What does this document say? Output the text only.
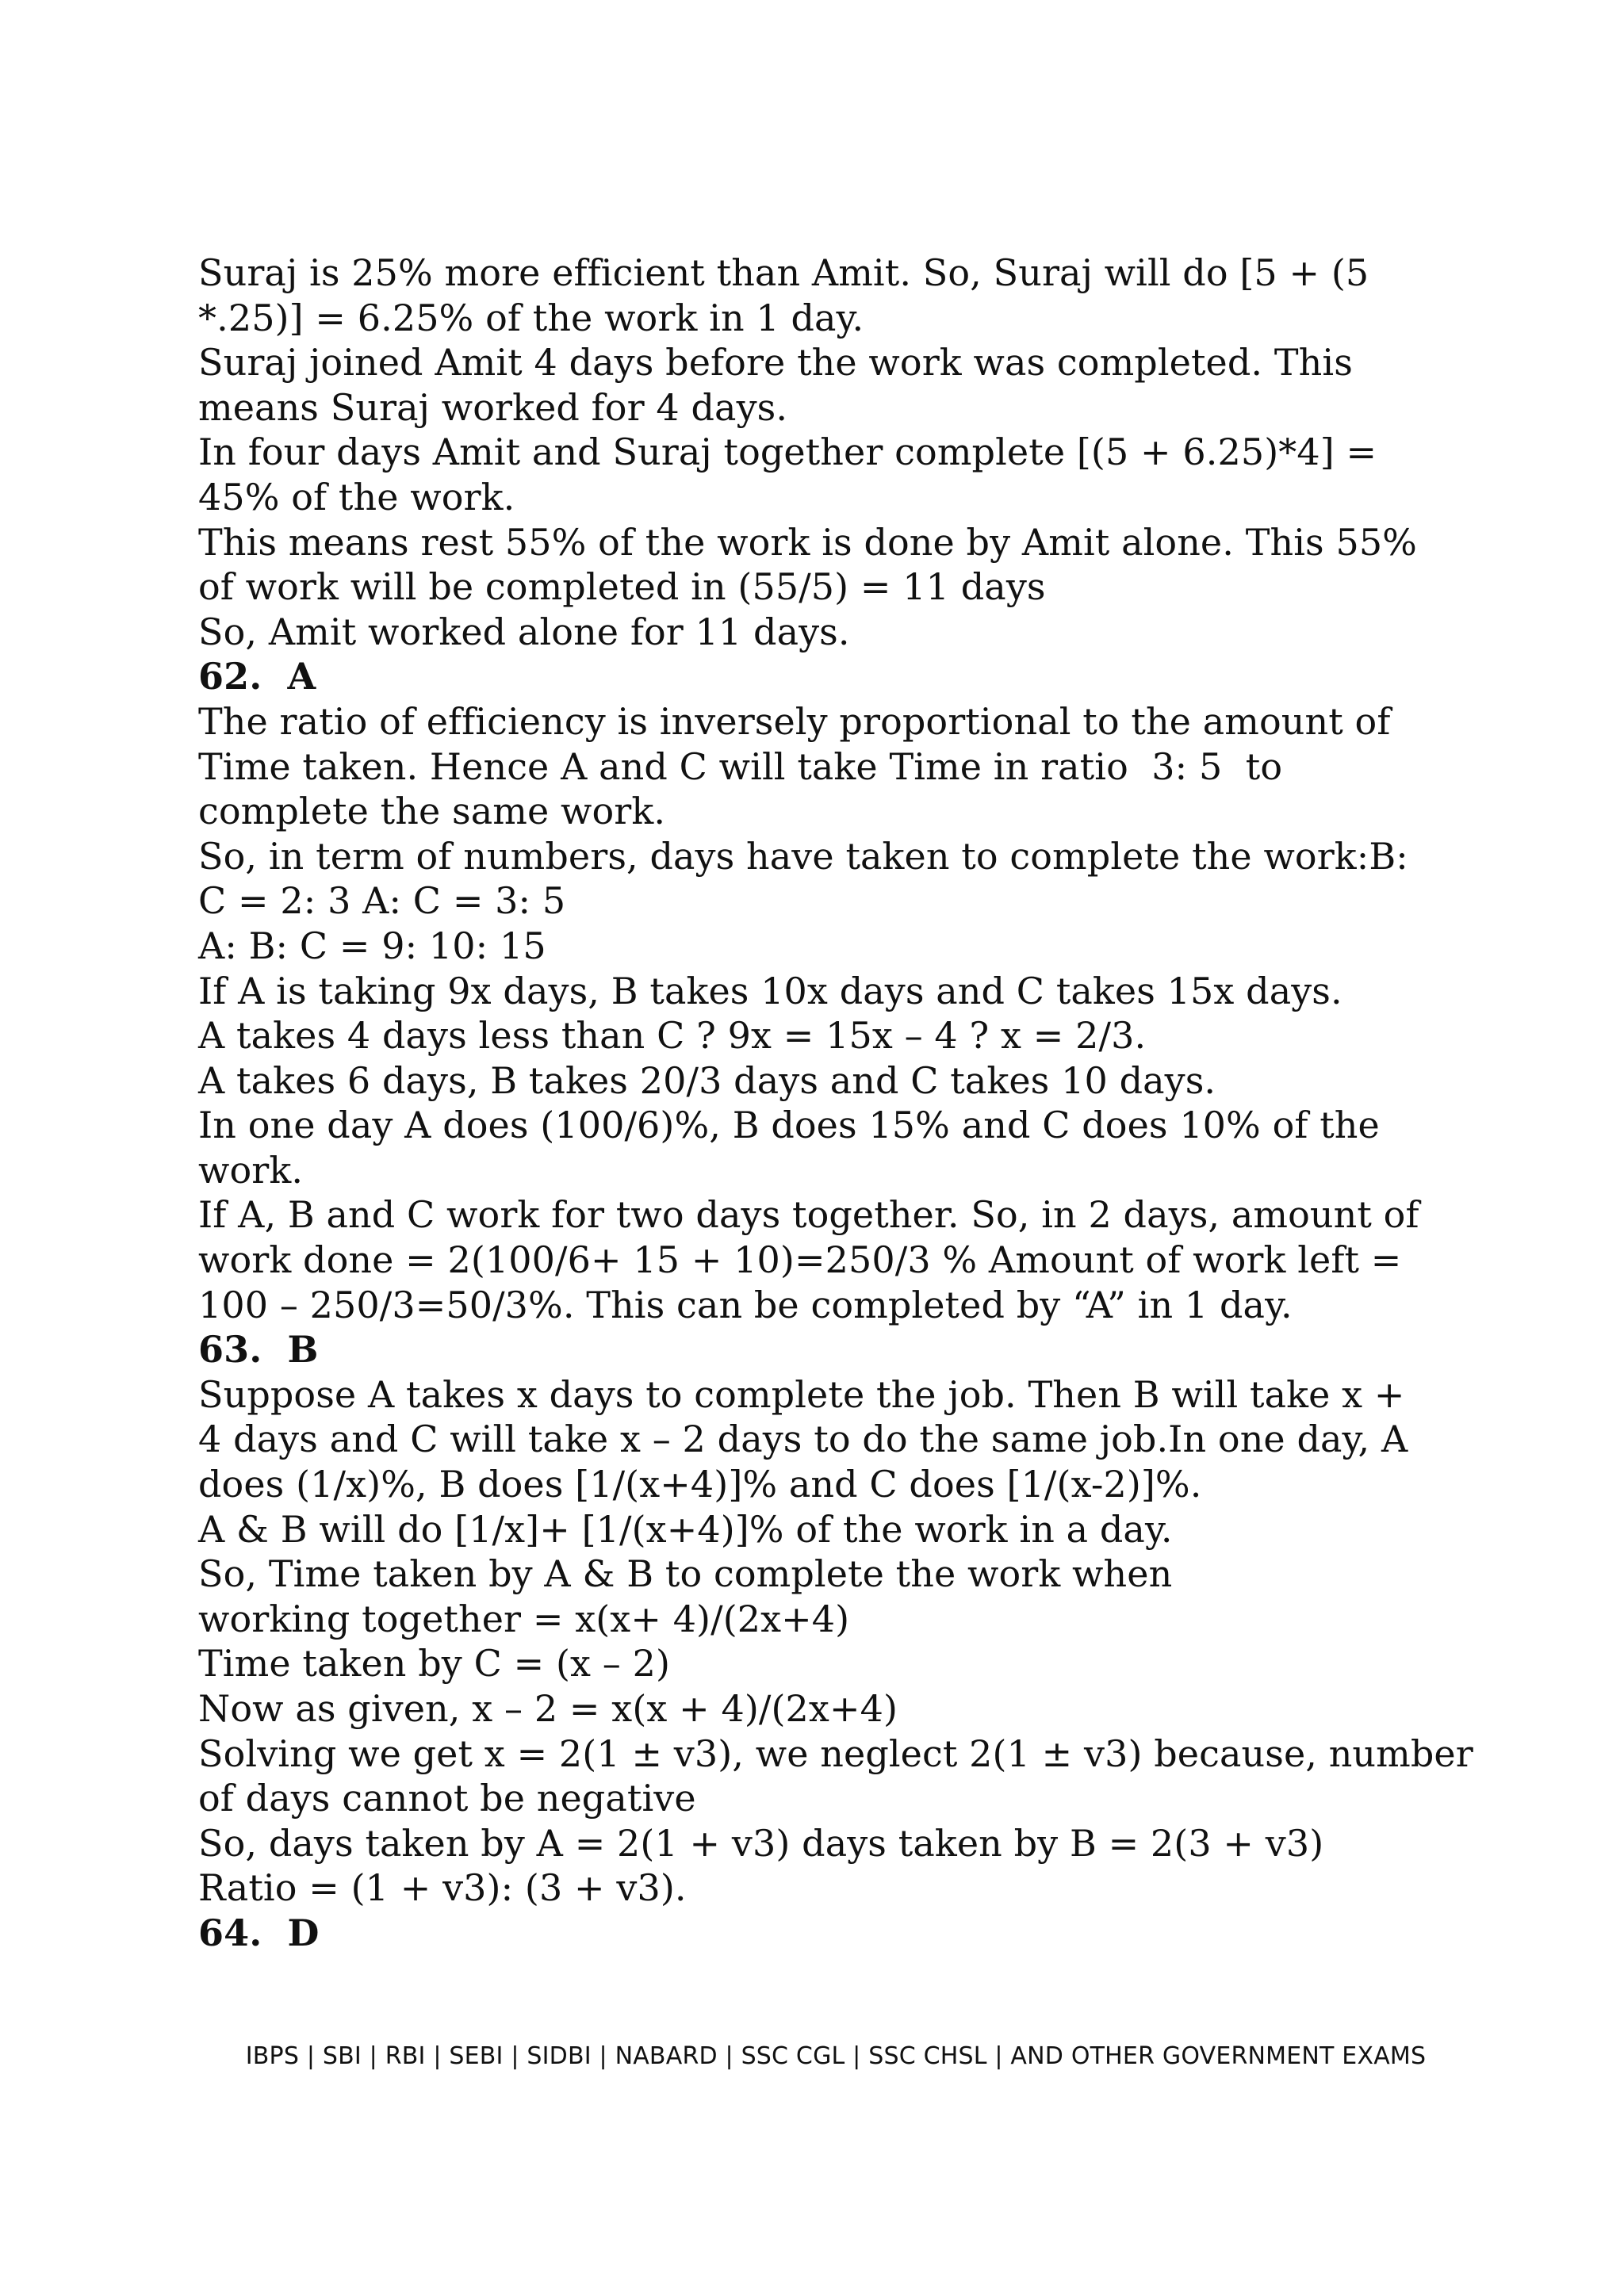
Suraj is 25% more efficient than Amit. So, Suraj will do [5 + (5
*.25)] = 6.25% of the work in 1 day.
Suraj joined Amit 4 days before the work was completed. This
means Suraj worked for 4 days.
In four days Amit and Suraj together complete [(5 + 6.25)*4] =
45% of the work.
This means rest 55% of the work is done by Amit alone. This 55%
of work will be completed in (55/5) = 11 days
So, Amit worked alone for 11 days.
62.  A
The ratio of efficiency is inversely proportional to the amount of
Time taken. Hence A and C will take Time in ratio  3: 5  to
complete the same work.
So, in term of numbers, days have taken to complete the work:B:
C = 2: 3 A: C = 3: 5
A: B: C = 9: 10: 15
If A is taking 9x days, B takes 10x days and C takes 15x days.
A takes 4 days less than C ? 9x = 15x – 4 ? x = 2/3.
A takes 6 days, B takes 20/3 days and C takes 10 days.
In one day A does (100/6)%, B does 15% and C does 10% of the
work.
If A, B and C work for two days together. So, in 2 days, amount of
work done = 2(100/6+ 15 + 10)=250/3 % Amount of work left =
100 – 250/3=50/3%. This can be completed by “A” in 1 day.
63.  B
Suppose A takes x days to complete the job. Then B will take x +
4 days and C will take x – 2 days to do the same job.In one day, A
does (1/x)%, B does [1/(x+4)]% and C does [1/(x-2)]%.
A & B will do [1/x]+ [1/(x+4)]% of the work in a day.
So, Time taken by A & B to complete the work when
working together = x(x+ 4)/(2x+4)
Time taken by C = (x – 2)
Now as given, x – 2 = x(x + 4)/(2x+4)
Solving we get x = 2(1 ± v3), we neglect 2(1 ± v3) because, number
of days cannot be negative
So, days taken by A = 2(1 + v3) days taken by B = 2(3 + v3)
Ratio = (1 + v3): (3 + v3).
64.  D
IBPS | SBI | RBI | SEBI | SIDBI | NABARD | SSC CGL | SSC CHSL | AND OTHER GOVERNMENT EXAMS
